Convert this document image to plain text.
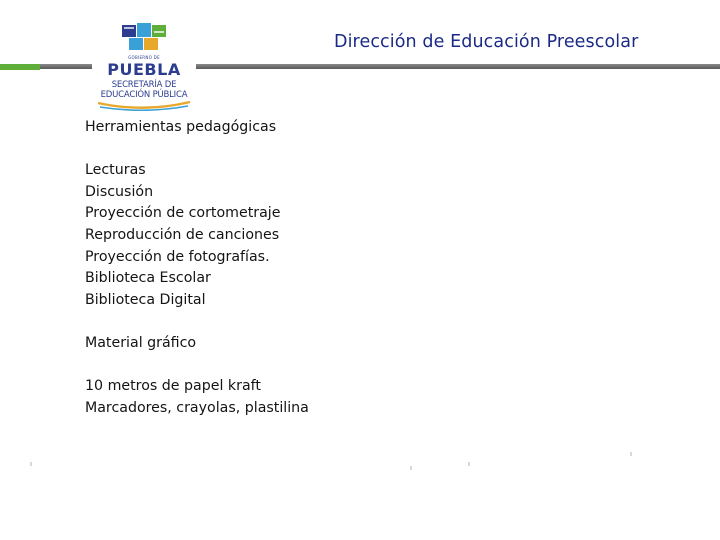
Dirección de Educación Preescolar
GOBIERNO DE
PUEBLA
SECRETARÍA DE
EDUCACIÓN PÚBLICA
Herramientas pedagógicas
Lecturas
Discusión
Proyección de cortometraje
Reproducción de canciones
Proyección de fotografías.
Biblioteca Escolar
Biblioteca Digital
Material gráfico
10 metros de papel kraft
Marcadores, crayolas, plastilina
